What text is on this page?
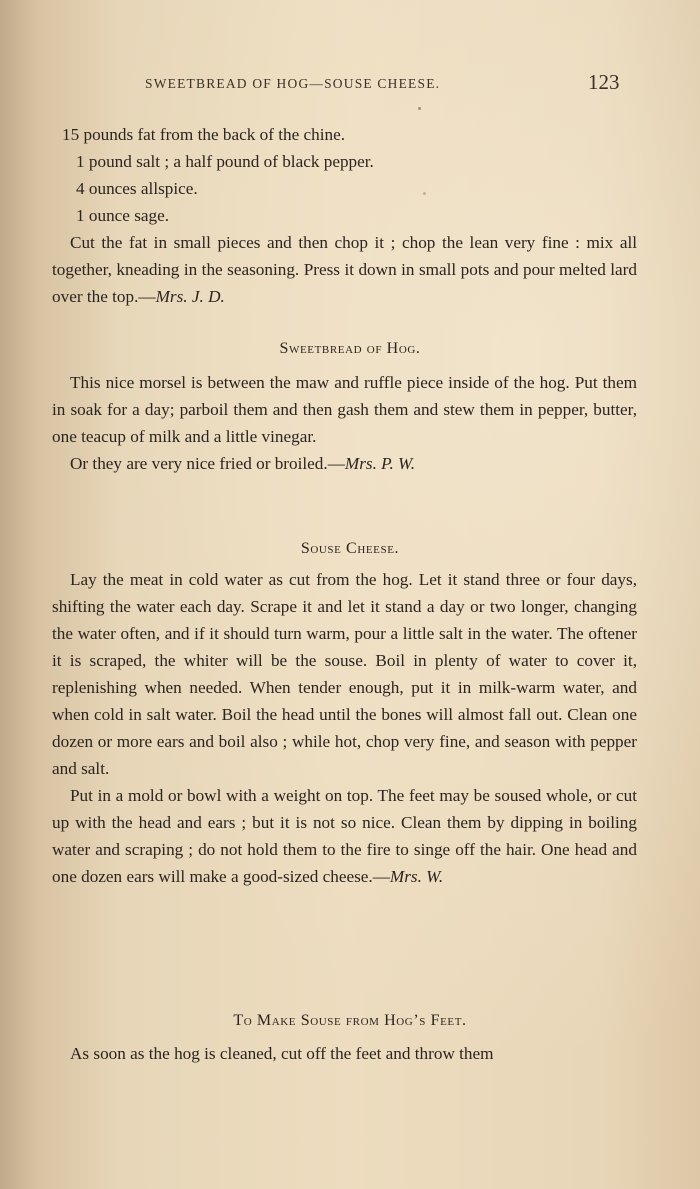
SWEETBREAD OF HOG—SOUSE CHEESE.	123

15 pounds fat from the back of the chine.

1 pound salt ; a half pound of black pepper.

4 ounces allspice.

1 ounce sage.

Cut the fat in small pieces and then chop it ; chop the lean very fine : mix all together, kneading in the seasoning. Press it down in small pots and pour melted lard over the top.—Mrs. J. D.

Sweetbread of Hog.

This nice morsel is between the maw and ruffle piece inside of the hog. Put them in soak for a day; parboil them and then gash them and stew them in pepper, butter, one teacup of milk and a little vinegar.

Or they are very nice fried or broiled.—Mrs. P. W.

Souse Cheese.

Lay the meat in cold water as cut from the hog. Let it stand three or four days, shifting the water each day. Scrape it and let it stand a day or two longer, changing the water often, and if it should turn warm, pour a little salt in the water. The oftener it is scraped, the whiter will be the souse. Boil in plenty of water to cover it, replenishing when needed. When tender enough, put it in milk-warm water, and when cold in salt water. Boil the head until the bones will almost fall out. Clean one dozen or more ears and boil also ; while hot, chop very fine, and season with pepper and salt.

Put in a mold or bowl with a weight on top. The feet may be soused whole, or cut up with the head and ears ; but it is not so nice. Clean them by dipping in boiling water and scraping ; do not hold them to the fire to singe off the hair. One head and one dozen ears will make a good-sized cheese.—Mrs. W.

To Make Souse from Hog’s Feet.

As soon as the hog is cleaned, cut off the feet and throw them
